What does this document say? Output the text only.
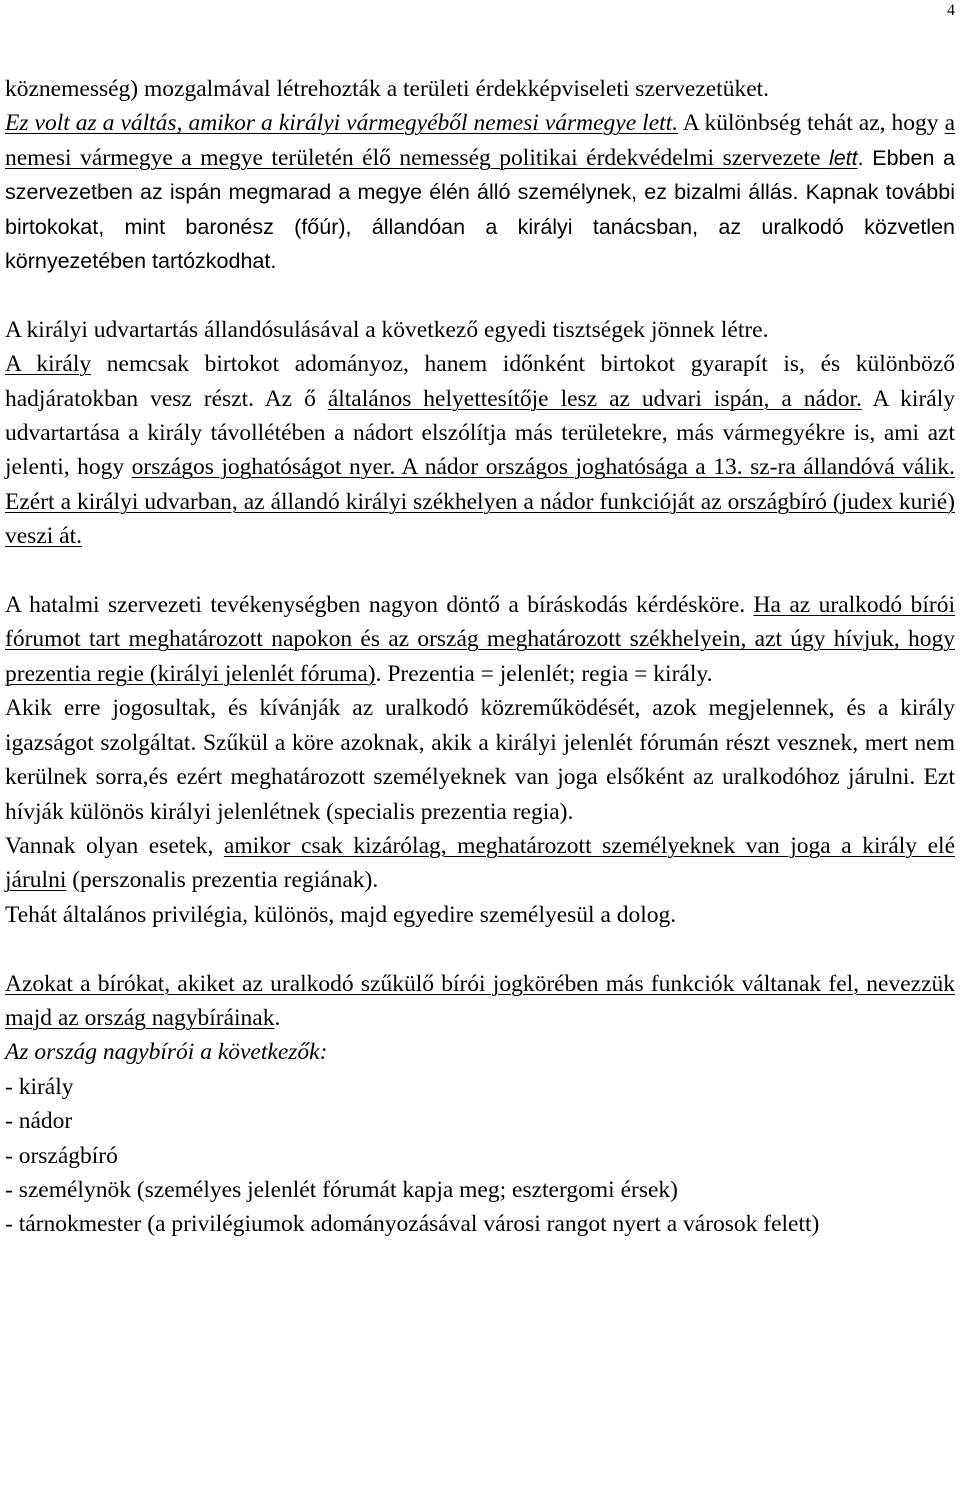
4

köznemesség) mozgalmával létrehozták a területi érdekképviseleti szervezetüket.
Ez volt az a váltás, amikor a királyi vármegyéből nemesi vármegye lett. A különbség tehát az, hogy a nemesi vármegye a megye területén élő nemesség politikai érdekvédelmi szervezete lett. Ebben a szervezetben az ispán megmarad a megye élén álló személynek, ez bizalmi állás. Kapnak további birtokokat, mint baronész (főúr), állandóan a királyi tanácsban, az uralkodó közvetlen környezetében tartózkodhat.

A királyi udvartartás állandósulásával a következő egyedi tisztségek jönnek létre.
A király nemcsak birtokot adományoz, hanem időnként birtokot gyarapít is, és különböző hadjáratokban vesz részt. Az ő általános helyettesítője lesz az udvari ispán, a nádor. A király udvartartása a király távollétében a nádort elszólítja más területekre, más vármegyékre is, ami azt jelenti, hogy országos joghatóságot nyer. A nádor országos joghatósága a 13. sz-ra állandóvá válik. Ezért a királyi udvarban, az állandó királyi székhelyen a nádor funkcióját az országbíró (judex kurié) veszi át.

A hatalmi szervezeti tevékenységben nagyon döntő a bíráskodás kérdésköre. Ha az uralkodó bírói fórumot tart meghatározott napokon és az ország meghatározott székhelyein, azt úgy hívjuk, hogy prezentia regie (királyi jelenlét fóruma). Prezentia = jelenlét; regia = király.

Akik erre jogosultak, és kívánják az uralkodó közreműködését, azok megjelennek, és a király igazságot szolgáltat. Szűkül a köre azoknak, akik a királyi jelenlét fórumán részt vesznek, mert nem kerülnek sorra,és ezért meghatározott személyeknek van joga elsőként az uralkodóhoz járulni. Ezt hívják különös királyi jelenlétnek (specialis prezentia regia).

Vannak olyan esetek, amikor csak kizárólag, meghatározott személyeknek van joga a király elé járulni (perszonalis prezentia regiának).

Tehát általános privilégia, különös, majd egyedire személyesül a dolog.

Azokat a bírókat, akiket az uralkodó szűkülő bírói jogkörében más funkciók váltanak fel, nevezzük majd az ország nagybíráinak.

Az ország nagybírói a következők:

- király

- nádor

- országbíró

- személynök (személyes jelenlét fórumát kapja meg; esztergomi érsek)

- tárnokmester (a privilégiumok adományozásával városi rangot nyert a városok felett)
